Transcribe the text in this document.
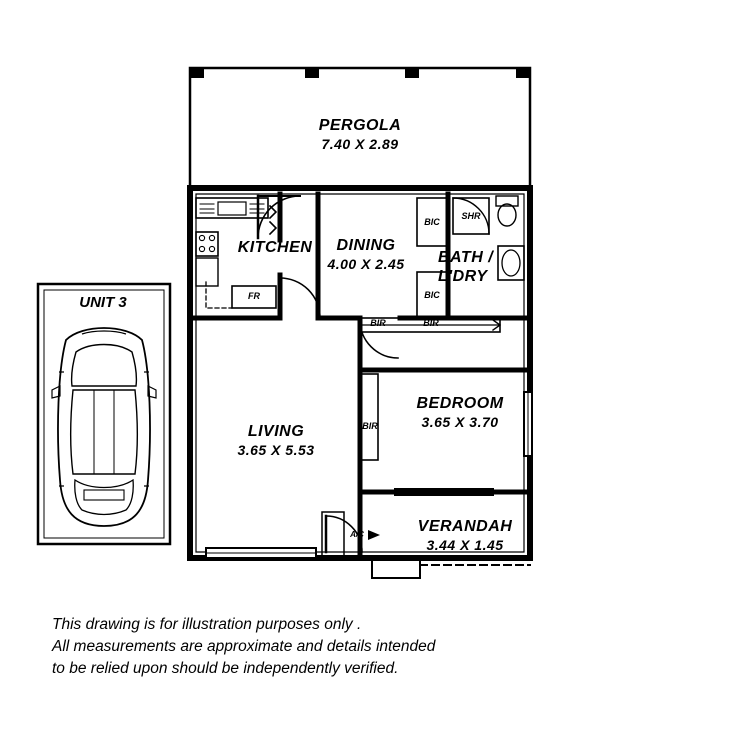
UNIT 3
PERGOLA
7.40 X 2.89
KITCHEN	DINING
4.00 X 2.45	BATH /
L'DRY
LIVING
3.65 X 5.53
BEDROOM
3.65 X 3.70
VERANDAH
3.44 X 1.45
BIC
SHR
BIC
FR
BIR	BIR
BIR
A/C
This drawing is for illustration purposes only .
All measurements are approximate and details intended
to be relied upon should be independently verified.
